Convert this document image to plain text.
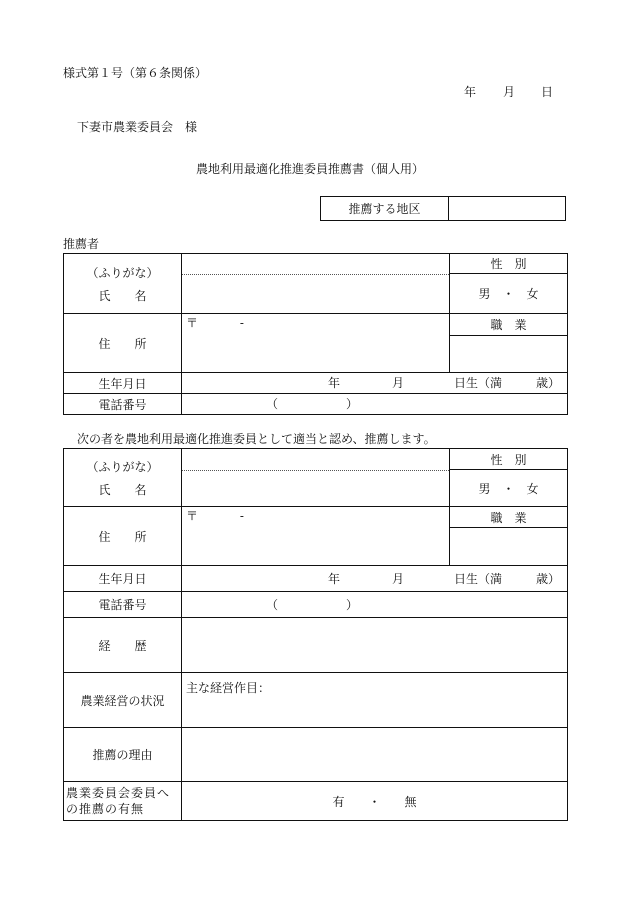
様式第１号（第６条関係）
年 月 日
下妻市農業委員会　様
農地利用最適化推進委員推薦書（個人用）
推薦する地区	
推薦者
（ふりがな）
氏　　名		性　別
		男　・　女
住　　所	〒 -	職　業

生年月日	年 月 日生（満 歳）	

電話番号	（ ）	
次の者を農地利用最適化推進委員として適当と認め、推薦します。
（ふりがな）
氏　　名		性　別
		男　・　女
住　　所	〒 -	職　業

生年月日	年 月 日生（満 歳）	

電話番号	（ ）	

経　　歴		
農業経営の状況	主な経営作目：	
推薦の理由		
農業委員会委員への推薦の有無	有　　・　　無	
